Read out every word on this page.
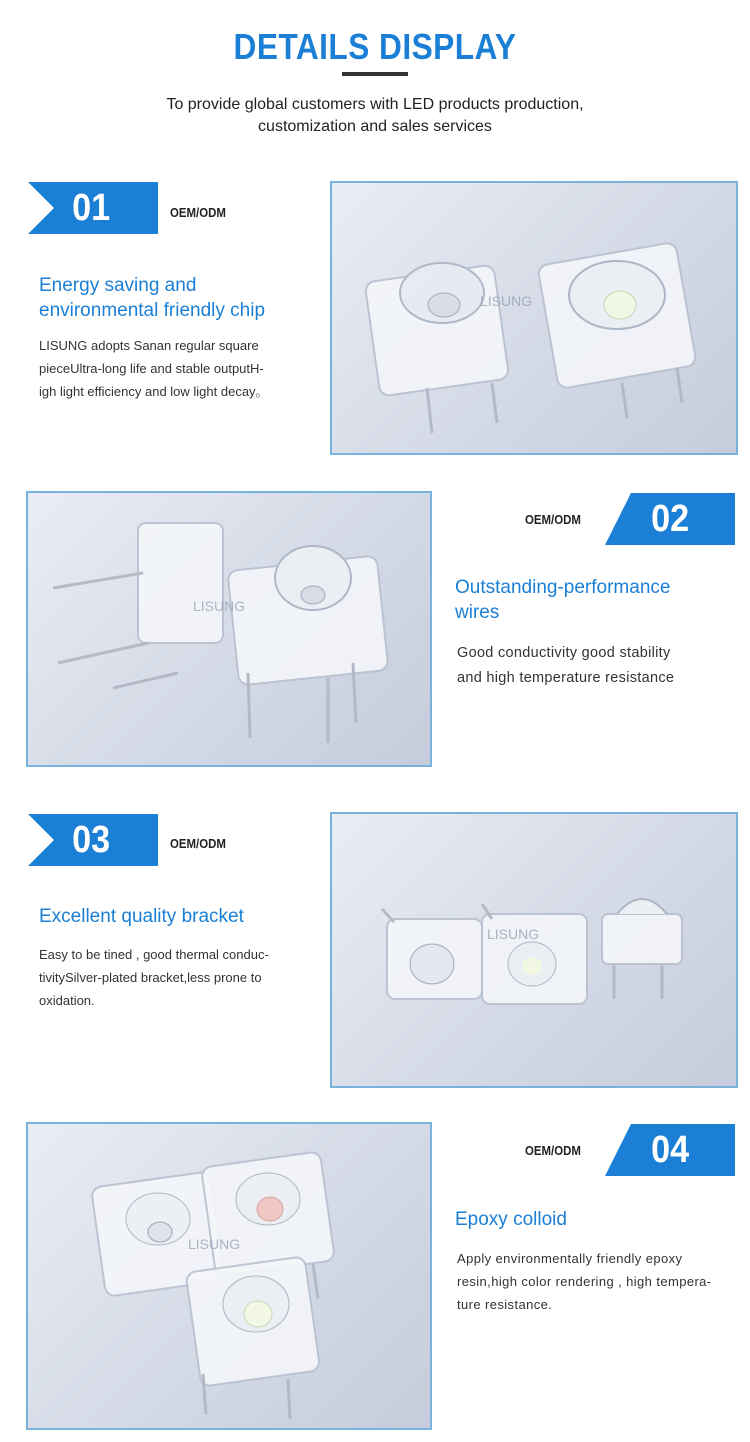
DETAILS DISPLAY
To provide global customers with LED products production,
customization and sales services
01	OEM/ODM
Energy saving and
environmental friendly chip
LISUNG adopts Sanan regular square
pieceUltra-long life and stable outputH-
igh light efficiency and low light decay。
LISUNG
LISUNG
OEM/ODM 02
Outstanding-performance
wires
Good conductivity good stability
and high temperature resistance
03	OEM/ODM
Excellent quality bracket
Easy to be tined , good thermal conduc-
tivitySilver-plated bracket,less prone to
oxidation.
LISUNG
LISUNG
OEM/ODM 04
Epoxy colloid
Apply environmentally friendly epoxy
resin,high color rendering , high tempera-
ture resistance.
